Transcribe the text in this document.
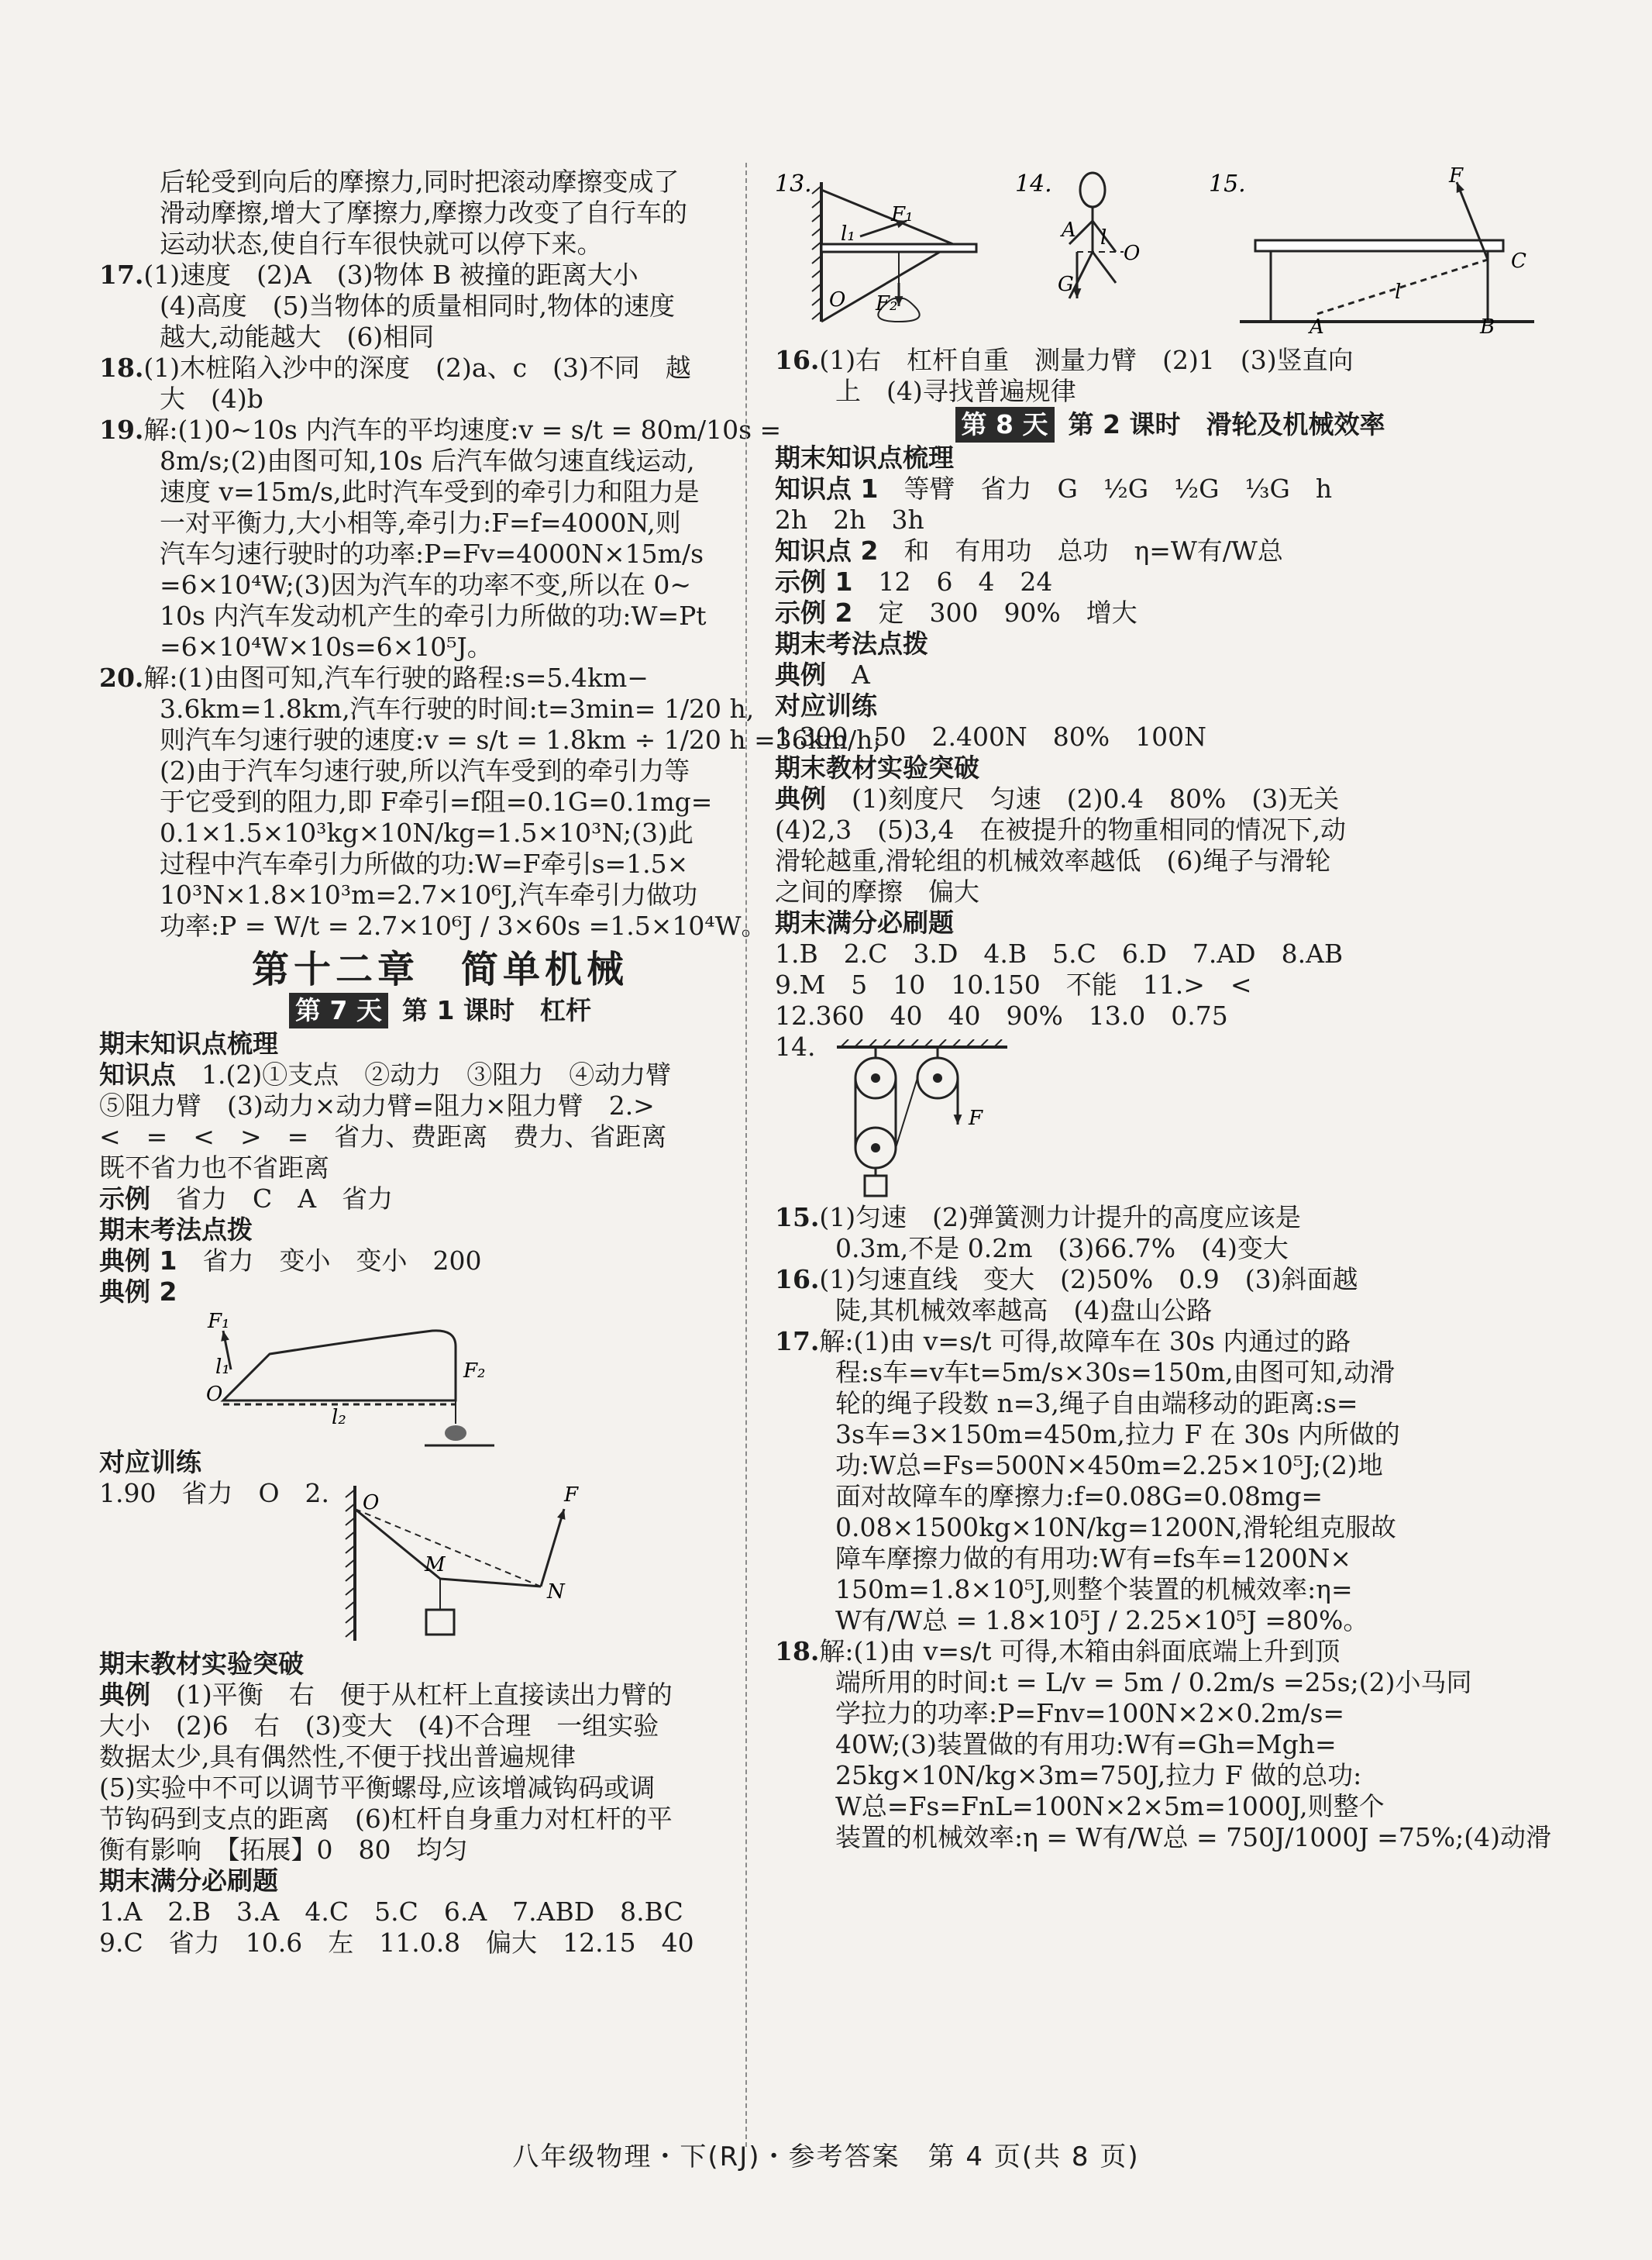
后轮受到向后的摩擦力,同时把滚动摩擦变成了

滑动摩擦,增大了摩擦力,摩擦力改变了自行车的

运动状态,使自行车很快就可以停下来。

17.(1)速度　(2)A　(3)物体 B 被撞的距离大小

(4)高度　(5)当物体的质量相同时,物体的速度

越大,动能越大　(6)相同

18.(1)木桩陷入沙中的深度　(2)a、c　(3)不同　越

大　(4)b

19.解:(1)0~10s 内汽车的平均速度:v = s/t = 80m/10s =

8m/s;(2)由图可知,10s 后汽车做匀速直线运动,

速度 v=15m/s,此时汽车受到的牵引力和阻力是

一对平衡力,大小相等,牵引力:F=f=4000N,则

汽车匀速行驶时的功率:P=Fv=4000N×15m/s

=6×10⁴W;(3)因为汽车的功率不变,所以在 0~

10s 内汽车发动机产生的牵引力所做的功:W=Pt

=6×10⁴W×10s=6×10⁵J。

20.解:(1)由图可知,汽车行驶的路程:s=5.4km−

3.6km=1.8km,汽车行驶的时间:t=3min= 1/20 h,

则汽车匀速行驶的速度:v = s/t = 1.8km ÷ 1/20 h =36km/h;

(2)由于汽车匀速行驶,所以汽车受到的牵引力等

于它受到的阻力,即 F牵引=f阻=0.1G=0.1mg=

0.1×1.5×10³kg×10N/kg=1.5×10³N;(3)此

过程中汽车牵引力所做的功:W=F牵引s=1.5×

10³N×1.8×10³m=2.7×10⁶J,汽车牵引力做功

功率:P = W/t = 2.7×10⁶J / 3×60s =1.5×10⁴W。

第十二章　简单机械

第 7 天 第 1 课时　杠杆

期末知识点梳理

知识点　1.(2)①支点　②动力　③阻力　④动力臂

⑤阻力臂　(3)动力×动力臂=阻力×阻力臂　2.>

<　=　<　>　=　省力、费距离　费力、省距离

既不省力也不省距离

示例　省力　C　A　省力

期末考法点拨

典例 1　省力　变小　变小　200

典例 2

F₁
l₁
O
F₂
l₂

对应训练

1.90　省力　O　2.	O	F
M
N

期末教材实验突破

典例　(1)平衡　右　便于从杠杆上直接读出力臂的

大小　(2)6　右　(3)变大　(4)不合理　一组实验

数据太少,具有偶然性,不便于找出普遍规律

(5)实验中不可以调节平衡螺母,应该增减钩码或调

节钩码到支点的距离　(6)杠杆自身重力对杠杆的平

衡有影响　【拓展】0　80　均匀

期末满分必刷题

1.A　2.B　3.A　4.C　5.C　6.A　7.ABD　8.BC

9.C　省力　10.6　左　11.0.8　偏大　12.15　40

13.
F₁
l₁
O F₂
14.
A l
O
G
15.	F
C
A	B
l

16.(1)右　杠杆自重　测量力臂　(2)1　(3)竖直向

上　(4)寻找普遍规律

第 8 天 第 2 课时　滑轮及机械效率

期末知识点梳理

知识点 1　等臂　省力　G　½G　½G　⅓G　h

2h　2h　3h

知识点 2　和　有用功　总功　η=W有/W总

示例 1　12　6　4　24

示例 2　定　300　90%　增大

期末考法点拨

典例　A

对应训练

1.300　50　2.400N　80%　100N

期末教材实验突破

典例　(1)刻度尺　匀速　(2)0.4　80%　(3)无关

(4)2,3　(5)3,4　在被提升的物重相同的情况下,动

滑轮越重,滑轮组的机械效率越低　(6)绳子与滑轮

之间的摩擦　偏大

期末满分必刷题

1.B　2.C　3.D　4.B　5.C　6.D　7.AD　8.AB

9.M　5　10　10.150　不能　11.>　<

12.360　40　40　90%　13.0　0.75

14.

F

15.(1)匀速　(2)弹簧测力计提升的高度应该是

0.3m,不是 0.2m　(3)66.7%　(4)变大

16.(1)匀速直线　变大　(2)50%　0.9　(3)斜面越

陡,其机械效率越高　(4)盘山公路

17.解:(1)由 v=s/t 可得,故障车在 30s 内通过的路

程:s车=v车t=5m/s×30s=150m,由图可知,动滑

轮的绳子段数 n=3,绳子自由端移动的距离:s=

3s车=3×150m=450m,拉力 F 在 30s 内所做的

功:W总=Fs=500N×450m=2.25×10⁵J;(2)地

面对故障车的摩擦力:f=0.08G=0.08mg=

0.08×1500kg×10N/kg=1200N,滑轮组克服故

障车摩擦力做的有用功:W有=fs车=1200N×

150m=1.8×10⁵J,则整个装置的机械效率:η=

W有/W总 = 1.8×10⁵J / 2.25×10⁵J =80%。

18.解:(1)由 v=s/t 可得,木箱由斜面底端上升到顶

端所用的时间:t = L/v = 5m / 0.2m/s =25s;(2)小马同

学拉力的功率:P=Fnv=100N×2×0.2m/s=

40W;(3)装置做的有用功:W有=Gh=Mgh=

25kg×10N/kg×3m=750J,拉力 F 做的总功:

W总=Fs=FnL=100N×2×5m=1000J,则整个

装置的机械效率:η = W有/W总 = 750J/1000J =75%;(4)动滑

八年级物理・下(RJ)・参考答案　第 4 页(共 8 页)
